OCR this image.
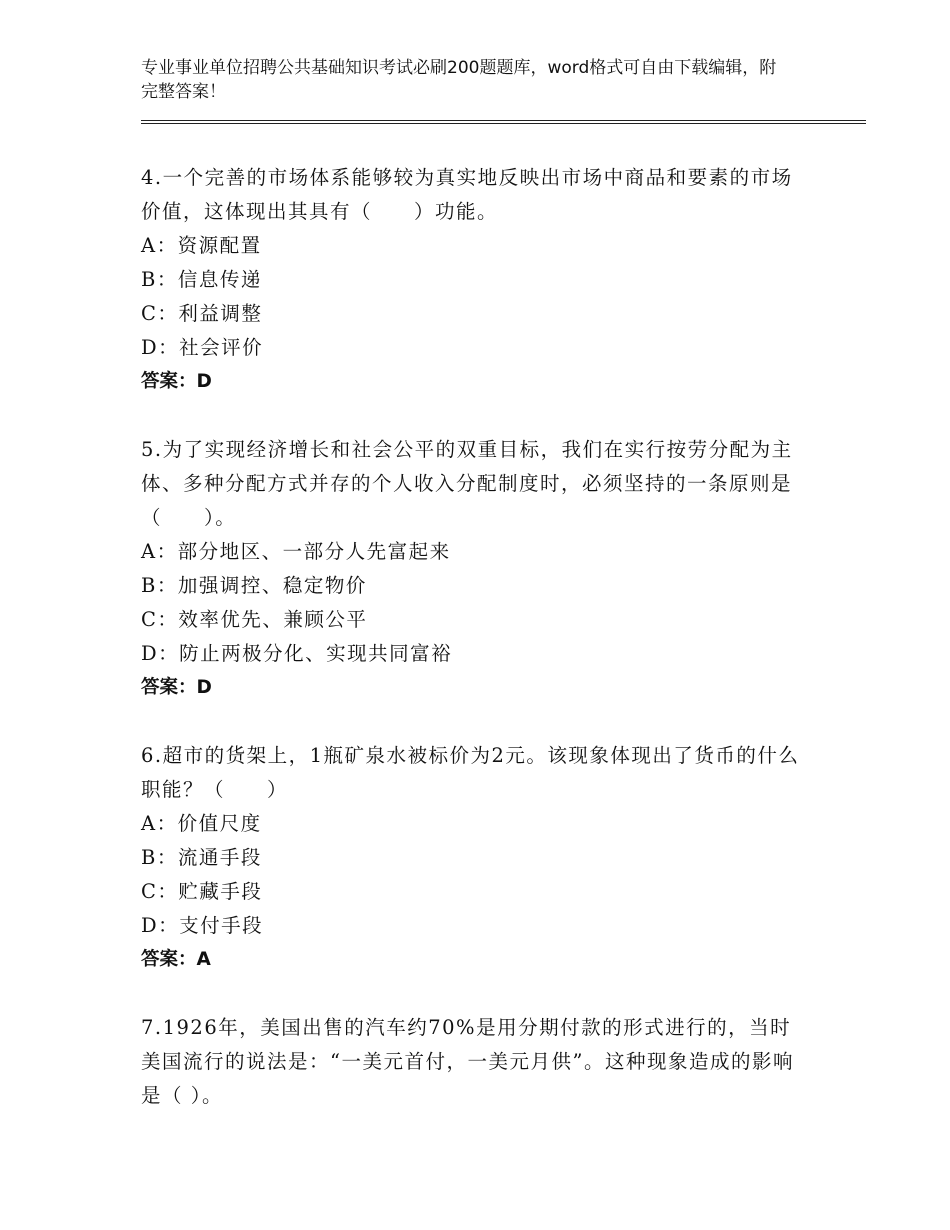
专业事业单位招聘公共基础知识考试必刷200题题库，word格式可自由下载编辑，附完整答案！
4.一个完善的市场体系能够较为真实地反映出市场中商品和要素的市场价值，这体现出其具有（　　）功能。
A：资源配置
B：信息传递
C：利益调整
D：社会评价
答案：D
5.为了实现经济增长和社会公平的双重目标，我们在实行按劳分配为主体、多种分配方式并存的个人收入分配制度时，必须坚持的一条原则是（　　）。
A：部分地区、一部分人先富起来
B：加强调控、稳定物价
C：效率优先、兼顾公平
D：防止两极分化、实现共同富裕
答案：D
6.超市的货架上，1瓶矿泉水被标价为2元。该现象体现出了货币的什么职能？（　　）
A：价值尺度
B：流通手段
C：贮藏手段
D：支付手段
答案：A
7.1926年，美国出售的汽车约70%是用分期付款的形式进行的，当时美国流行的说法是：“一美元首付，一美元月供”。这种现象造成的影响是（ ）。
